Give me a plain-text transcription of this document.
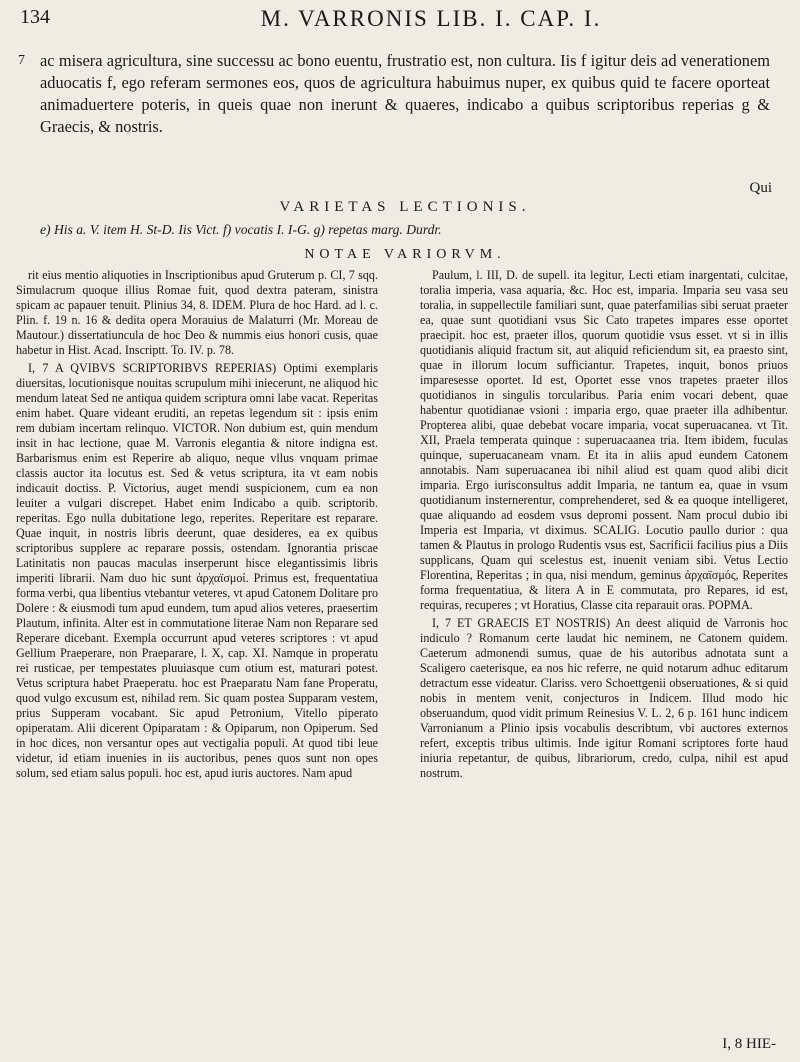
134	M. VARRONIS LIB. I. CAP. I.
7 ac misera agricultura, sine successu ac bono euentu, frustratio est, non cultura. Iis f igitur deis ad venerationem aduocatis f, ego referam sermones eos, quos de agricultura habuimus nuper, ex quibus quid te facere oporteat animaduertere poteris, in queis quae non inerunt & quaeres, indicabo a quibus scriptoribus reperias g & Graecis, & nostris.
Qui
VARIETAS LECTIONIS.
e) His a. V. item H. St-D. Iis Vict. f) vocatis I. I-G. g) repetas marg. Durdr.
NOTAE VARIORVM.

rit eius mentio aliquoties in Inscriptionibus apud Gruterum p. CI, 7 sqq. Simulacrum quoque illius Romae fuit, quod dextra pateram, sinistra spicam ac papauer tenuit. Plinius 34, 8. IDEM. Plura de hoc Hard. ad l. c. Plin. f. 19 n. 16 & dedita opera Morauius de Malaturri (Mr. Moreau de Mautour.) dissertatiuncula de hoc Deo & nummis eius honori cusis, quae habetur in Hist. Acad. Inscriptt. To. IV. p. 78.

I, 7 A QVIBVS SCRIPTORIBVS REPERIAS) Optimi exemplaris diuersitas, locutionisque nouitas scrupulum mihi iniecerunt, ne aliquod hic mendum lateat Sed ne antiqua quidem scriptura omni labe vacat. Reperitas enim habet. Quare videant eruditi, an repetas legendum sit : ipsis enim rem dubiam incertam relinquo. VICTOR. Non dubium est, quin mendum insit in hac lectione, quae M. Varronis elegantia & nitore indigna est. Barbarismus enim est Reperire ab aliquo, neque vllus vnquam primae classis auctor ita locutus est. Sed & vetus scriptura, ita vt eam nobis indicauit doctiss. P. Victorius, auget mendi suspicionem, cum ea non leuiter a vulgari discrepet. Habet enim Indicabo a quib. scriptorib. reperitas. Ego nulla dubitatione lego, reperites. Reperitare est reparare. Quae inquit, in nostris libris deerunt, quae desideres, ea ex quibus scriptoribus supplere ac reparare possis, ostendam. Ignorantia priscae Latinitatis non paucas maculas inserperunt hisce elegantissimis libris imperiti librarii. Nam duo hic sunt ἀρχαϊσμοί. Primus est, frequentatiua forma verbi, qua libentius vtebantur veteres, vt apud Catonem Dolitare pro Dolere : & eiusmodi tum apud eundem, tum apud alios veteres, praesertim Plautum, infinita. Alter est in commutatione literae Nam non Reparare sed Reperare dicebant. Exempla occurrunt apud veteres scriptores : vt apud Gellium Praeperare, non Praeparare, l. X, cap. XI. Namque in properatu rei rusticae, per tempestates pluuiasque cum otium est, maturari potest. Vetus scriptura habet Praeperatu. hoc est Praeparatu Nam fane Properatu, quod vulgo excusum est, nihilad rem. Sic quam postea Supparam vestem, prius Supperam vocabant. Sic apud Petronium, Vitello piperato opiperatam. Alii dicerent Opiparatam : & Opiparum, non Opiperum. Sed in hoc dices, non versantur opes aut vectigalia populi. At quod tibi leue videtur, id etiam inuenies in iis auctoribus, penes quos sunt non opes solum, sed etiam salus populi. hoc est, apud iuris auctores. Nam apud

Paulum, l. III, D. de supell. ita legitur, Lecti etiam inargentati, culcitae, toralia imperia, vasa aquaria, &c. Hoc est, imparia. Imparia seu vasa seu toralia, in suppellectile familiari sunt, quae paterfamilias sibi seruat praeter ea, quae sunt quotidiani vsus Sic Cato trapetes impares esse oportet praecipit. hoc est, praeter illos, quorum quotidie vsus esset. vt si in illis quotidianis aliquid fractum sit, aut aliquid reficiendum sit, ea praesto sint, quae in illorum locum sufficiantur. Trapetes, inquit, bonos priuos imparesesse oportet. Id est, Oportet esse vnos trapetes praeter illos quotidianos in singulis torcularibus. Paria enim vocari debent, quae habentur quotidianae vsioni : imparia ergo, quae praeter illa adhibentur. Propterea alibi, quae debebat vocare imparia, vocat superuacanea. vt Tit. XII, Praela temperata quinque : superuacaanea tria. Item ibidem, fuculas quinque, superuacaneam vnam. Et ita in aliis apud eundem Catonem annotabis. Nam superuacanea ibi nihil aliud est quam quod alibi dicit imparia. Ergo iurisconsultus addit Imparia, ne tantum ea, quae in vsum quotidianum insternerentur, comprehenderet, sed & ea quoque intelligeret, quae aliquando ad eosdem vsus depromi possent. Nam procul dubio ibi Imperia est Imparia, vt diximus. SCALIG. Locutio paullo durior : qua tamen & Plautus in prologo Rudentis vsus est, Sacrificii facilius pius a Diis supplicans, Quam qui scelestus est, inuenit veniam sibi. Vetus Lectio Florentina, Reperitas ; in qua, nisi mendum, geminus ἀρχαϊσμός, Reperites forma frequentatiua, & litera A in E commutata, pro Repares, id est, requiras, recuperes ; vt Horatius, Classe cita reparauit oras. POPMA.

I, 7 ET GRAECIS ET NOSTRIS) An deest aliquid de Varronis hoc indiculo ? Romanum certe laudat hic neminem, ne Catonem quidem. Caeterum admonendi sumus, quae de his autoribus adnotata sunt a Scaligero caeterisque, ea nos hic referre, ne quid notarum adhuc editarum detractum esse videatur. Clariss. vero Schoettgenii obseruationes, & si quid nobis in mentem venit, conjecturos in Indicem. Illud modo hic obseruandum, quod vidit primum Reinesius V. L. 2, 6 p. 161 hunc indicem Varronianum a Plinio ipsis vocabulis describtum, vbi auctores externos refert, exceptis tribus ultimis. Inde igitur Romani scriptores forte haud iniuria repetantur, de quibus, librariorum, credo, culpa, nihil est apud nostrum.

I, 8 HIE-
